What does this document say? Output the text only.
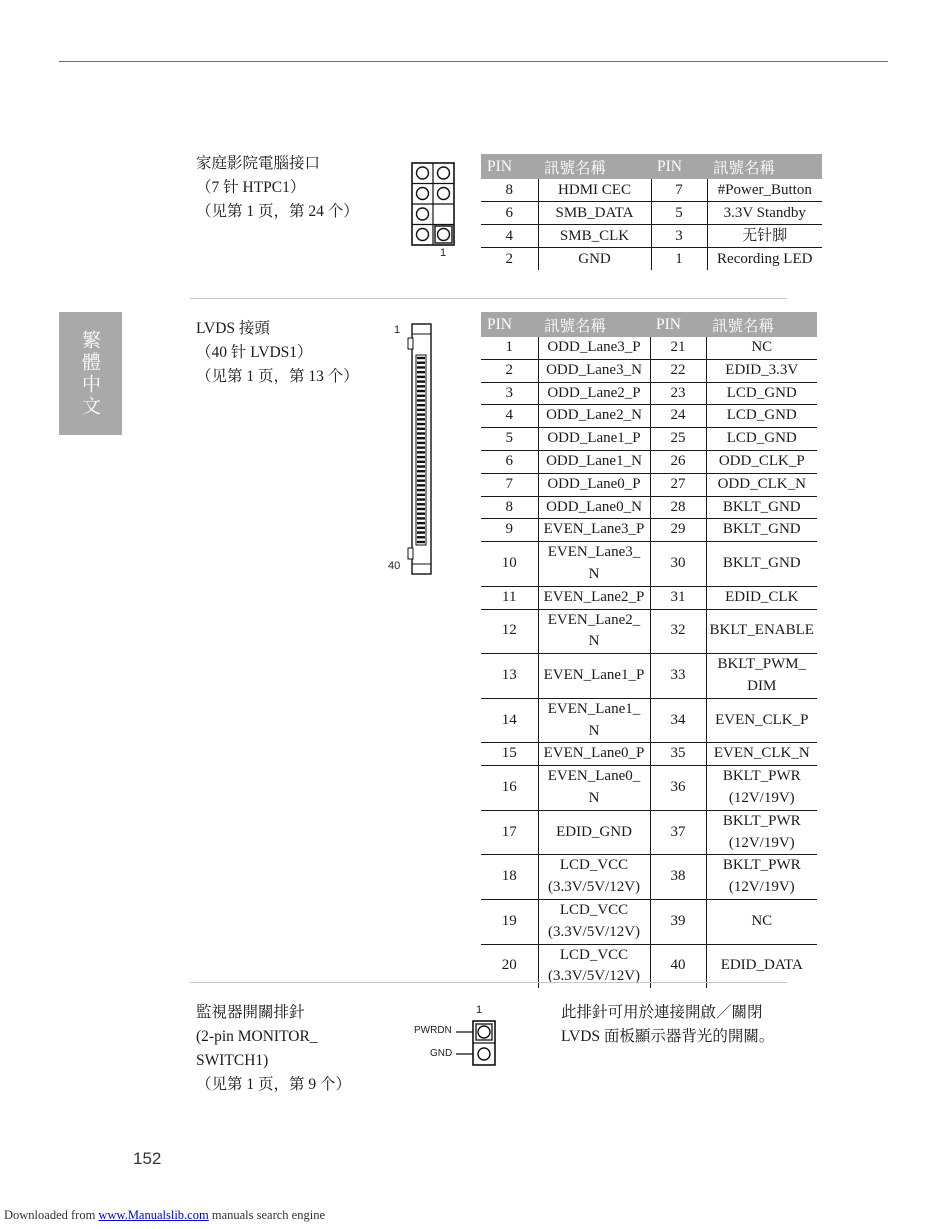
繁體中文
家庭影院電腦接口
（7 针 HTPC1）
（见第 1 页，第 24 个）
1
PIN	訊號名稱	PIN	訊號名稱
8	HDMI CEC	7	#Power_Button
6	SMB_DATA	5	3.3V Standby
4	SMB_CLK	3	无针脚
2	GND	1	Recording LED
LVDS 接頭
（40 针 LVDS1）
（见第 1 页，第 13 个）
1
40
PIN	訊號名稱	PIN	訊號名稱
1	ODD_Lane3_P	21	NC
2	ODD_Lane3_N	22	EDID_3.3V
3	ODD_Lane2_P	23	LCD_GND
4	ODD_Lane2_N	24	LCD_GND
5	ODD_Lane1_P	25	LCD_GND
6	ODD_Lane1_N	26	ODD_CLK_P
7	ODD_Lane0_P	27	ODD_CLK_N
8	ODD_Lane0_N	28	BKLT_GND
9	EVEN_Lane3_P	29	BKLT_GND
10	EVEN_Lane3_
N	30	BKLT_GND
11	EVEN_Lane2_P	31	EDID_CLK
12	EVEN_Lane2_
N	32	BKLT_ENABLE
13	EVEN_Lane1_P	33	BKLT_PWM_
DIM
14	EVEN_Lane1_
N	34	EVEN_CLK_P
15	EVEN_Lane0_P	35	EVEN_CLK_N
16	EVEN_Lane0_
N	36	BKLT_PWR
(12V/19V)
17	EDID_GND	37	BKLT_PWR
(12V/19V)
18	LCD_VCC
(3.3V/5V/12V)	38	BKLT_PWR
(12V/19V)
19	LCD_VCC
(3.3V/5V/12V)	39	NC
20	LCD_VCC
(3.3V/5V/12V)	40	EDID_DATA
監視器開關排針
(2-pin MONITOR_
SWITCH1)
（见第 1 页，第 9 个）
1
PWRDN
GND
此排針可用於連接開啟／關閉
LVDS 面板顯示器背光的開關。
152
Downloaded from www.Manualslib.com manuals search engine
